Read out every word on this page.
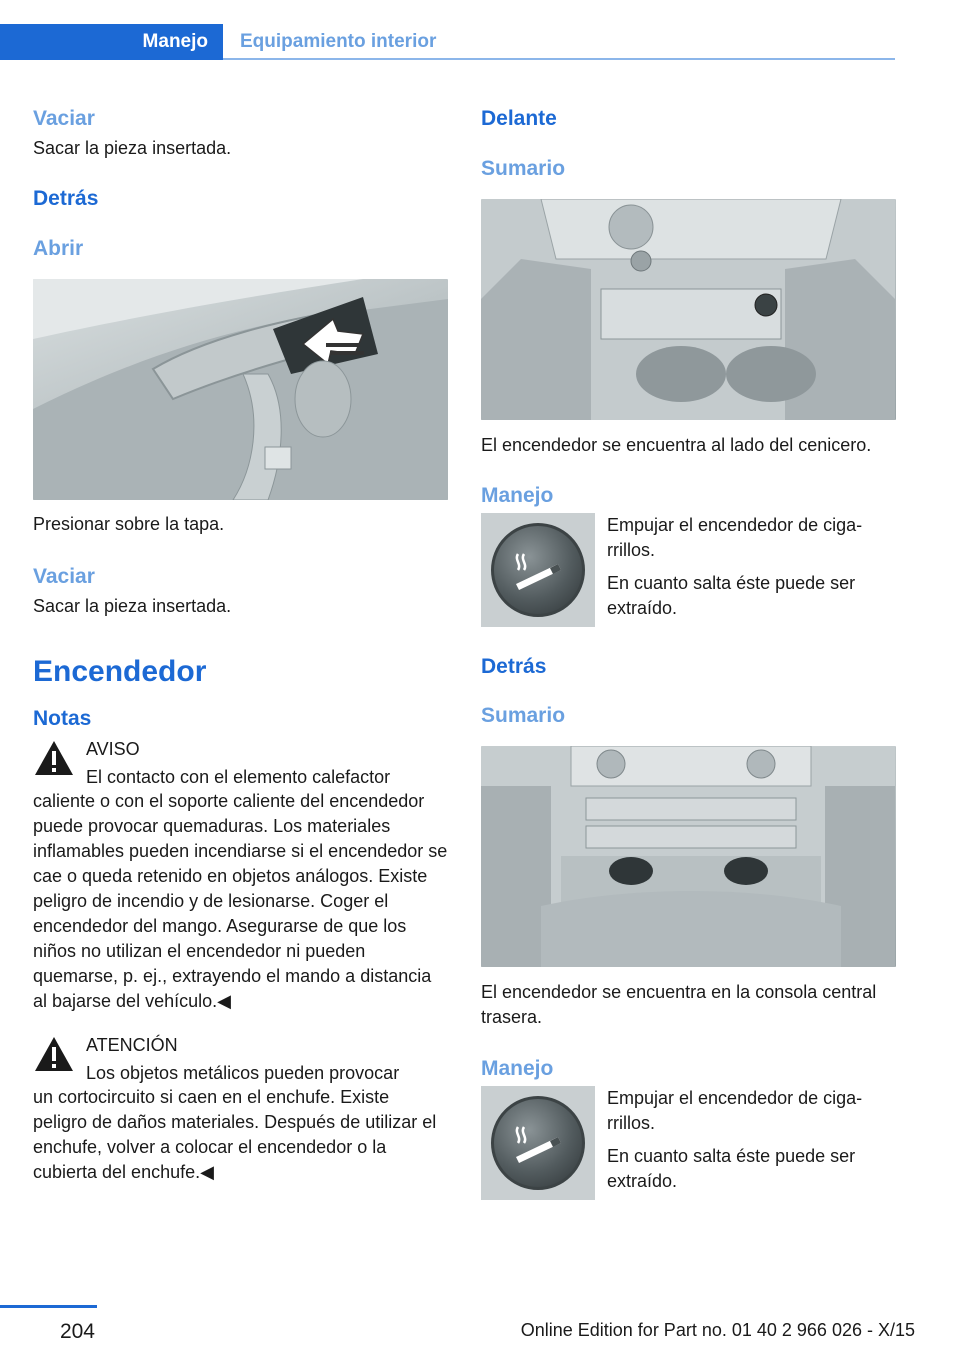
Manejo	Equipamiento interior
Vaciar

Sacar la pieza insertada.

Detrás
Abrir

Presionar sobre la tapa.

Vaciar

Sacar la pieza insertada.

Encendedor
Notas

AVISO

El contacto con el elemento calefactor

caliente o con el soporte caliente del encendedor puede provocar quemaduras. Los materiales inflamables pueden incendiarse si el encendedor se cae o queda retenido en objetos análogos. Existe peligro de incendio y de lesionarse. Coger el encendedor del mango. Asegurarse de que los niños no utilizan el encendedor ni pueden quemarse, p. ej., extrayendo el mando a distancia al bajarse del vehículo.◀

ATENCIÓN

Los objetos metálicos pueden provocar

un cortocircuito si caen en el enchufe. Existe peligro de daños materiales. Después de utilizar el enchufe, volver a colocar el encendedor o la cubierta del enchufe.◀

Delante
Sumario

El encendedor se encuentra al lado del cenicero.

Manejo

Empujar el encendedor de cigarrillos.

En cuanto salta éste puede ser extraído.

Detrás
Sumario

El encendedor se encuentra en la consola central trasera.

Manejo

Empujar el encendedor de cigarrillos.

En cuanto salta éste puede ser extraído.

204	Online Edition for Part no. 01 40 2 966 026 - X/15
